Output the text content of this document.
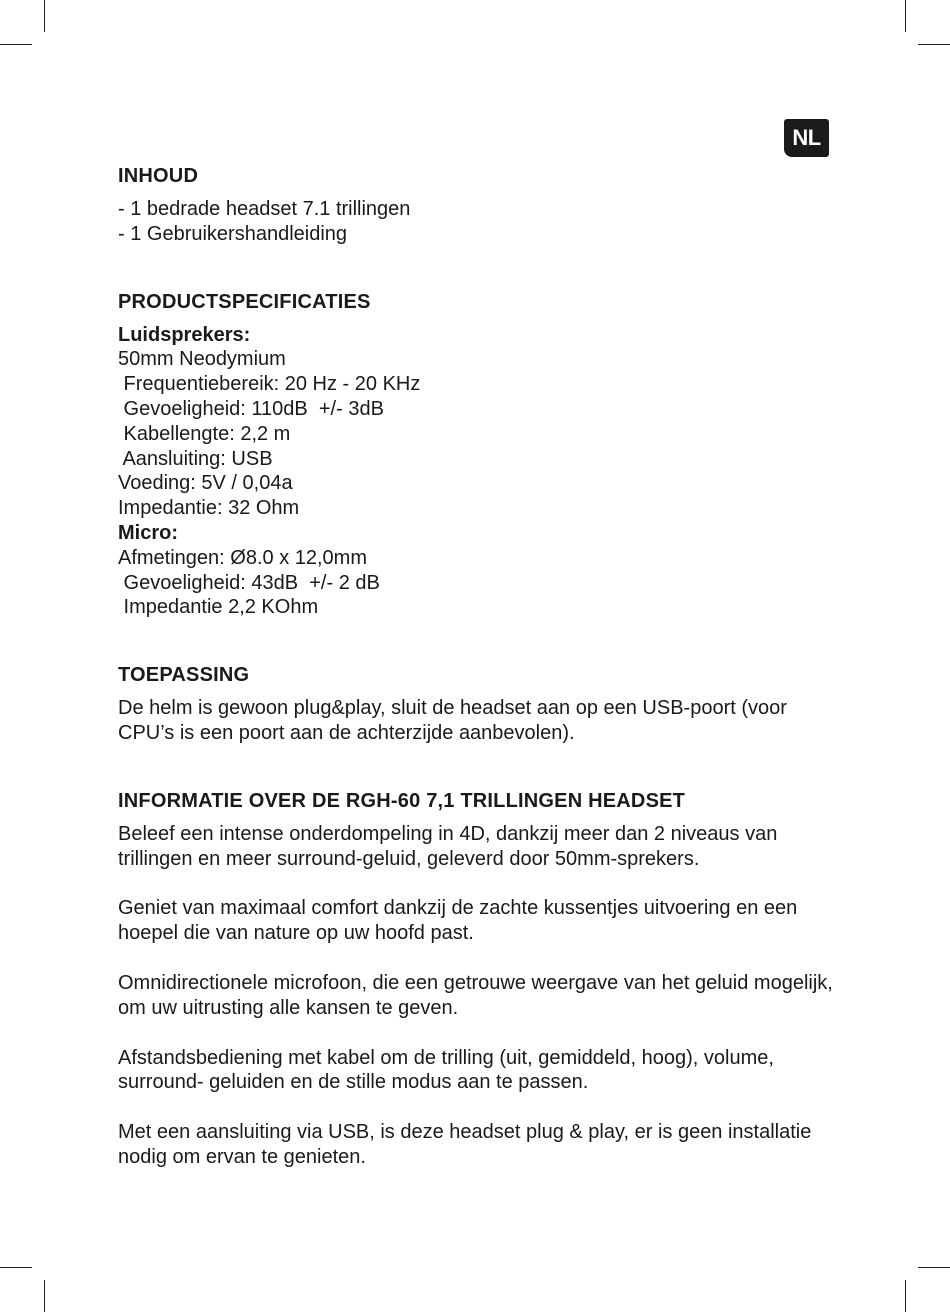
NL
INHOUD
- 1 bedrade headset 7.1 trillingen
- 1 Gebruikershandleiding
PRODUCTSPECIFICATIES
Luidsprekers:
50mm Neodymium
Frequentiebereik: 20 Hz - 20 KHz
Gevoeligheid: 110dB  +/- 3dB
Kabellengte: 2,2 m
Aansluiting: USB
Voeding: 5V / 0,04a
Impedantie: 32 Ohm
Micro:
Afmetingen: Ø8.0 x 12,0mm
Gevoeligheid: 43dB  +/- 2 dB
Impedantie 2,2 KOhm
TOEPASSING

De helm is gewoon plug&play, sluit de headset aan op een USB-poort (voor CPU’s is een poort aan de achterzijde aanbevolen).

INFORMATIE OVER DE RGH-60 7,1 TRILLINGEN HEADSET

Beleef een intense onderdompeling in 4D, dankzij meer dan 2 niveaus van trillingen en meer surround-geluid, geleverd door 50mm-sprekers.

Geniet van maximaal comfort dankzij de zachte kussentjes uitvoering en een hoepel die van nature op uw hoofd past.

Omnidirectionele microfoon, die een getrouwe weergave van het geluid mogelijk, om uw uitrusting alle kansen te geven.

Afstandsbediening met kabel om de trilling (uit, gemiddeld, hoog), volume, surround- geluiden en de stille modus aan te passen.

Met een aansluiting via USB, is deze headset plug & play, er is geen installatie nodig om ervan te genieten.
